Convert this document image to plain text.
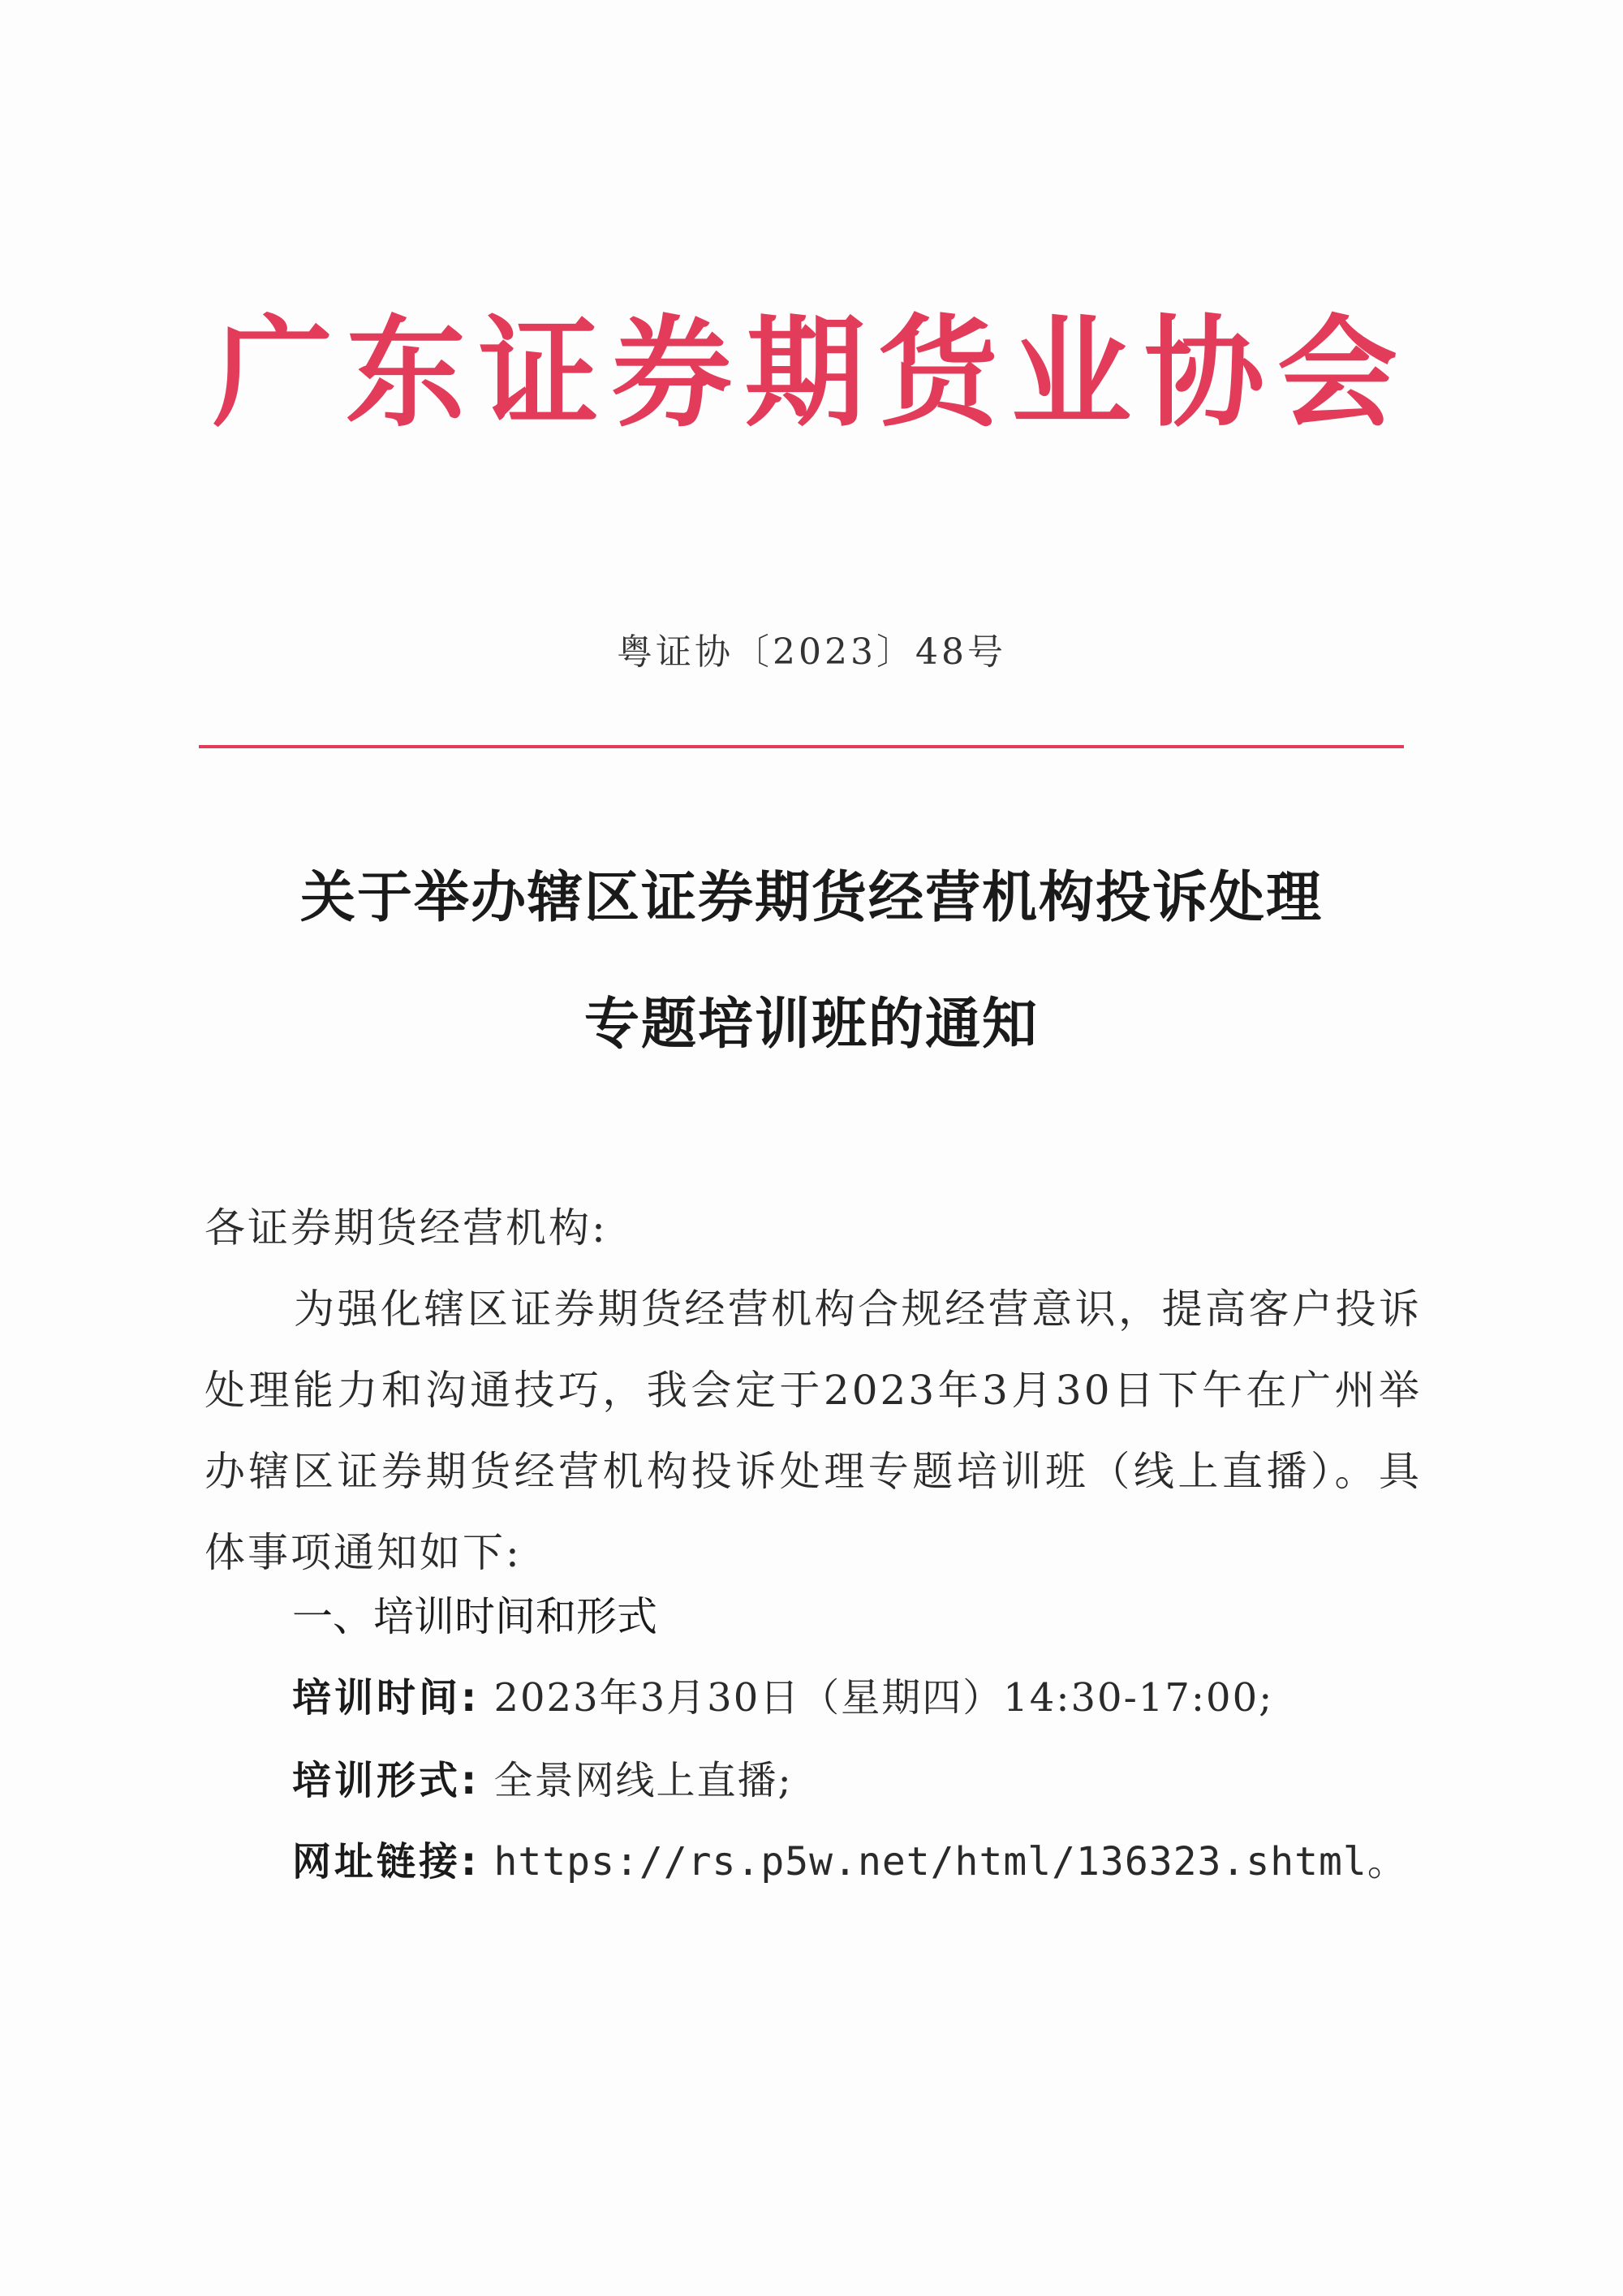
广东证券期货业协会
粤证协〔2023〕48号
关于举办辖区证券期货经营机构投诉处理
专题培训班的通知
各证券期货经营机构:
为强化辖区证券期货经营机构合规经营意识，提高客户投诉处理能力和沟通技巧，我会定于2023年3月30日下午在广州举办辖区证券期货经营机构投诉处理专题培训班（线上直播）。具体事项通知如下:
一、培训时间和形式
培训时间: 2023年3月30日（星期四）14:30-17:00;
培训形式: 全景网线上直播;
网址链接: https://rs.p5w.net/html/136323.shtml。
